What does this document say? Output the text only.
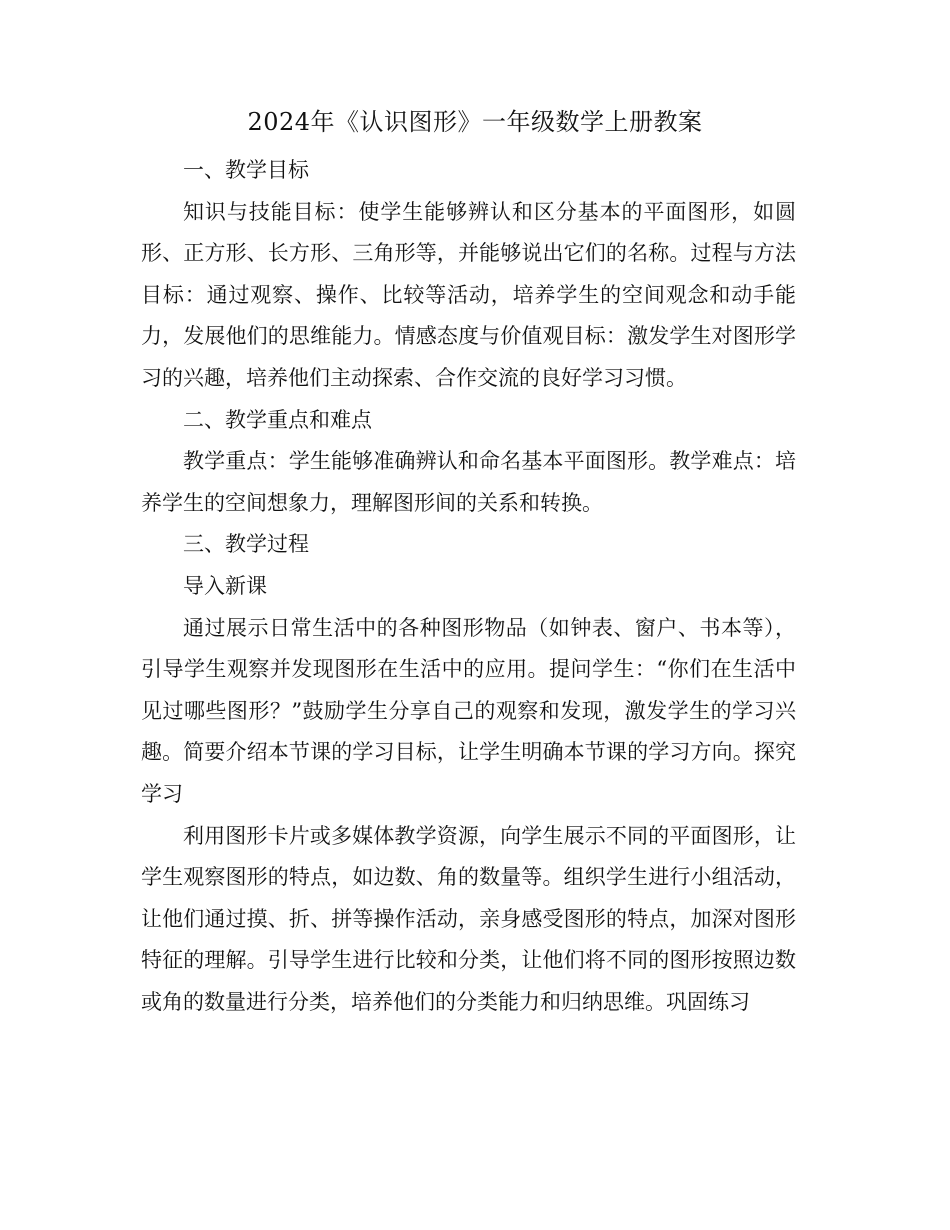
2024年《认识图形》一年级数学上册教案

一、教学目标

知识与技能目标：使学生能够辨认和区分基本的平面图形，如圆形、正方形、长方形、三角形等，并能够说出它们的名称。过程与方法目标：通过观察、操作、比较等活动，培养学生的空间观念和动手能力，发展他们的思维能力。情感态度与价值观目标：激发学生对图形学习的兴趣，培养他们主动探索、合作交流的良好学习习惯。

二、教学重点和难点

教学重点：学生能够准确辨认和命名基本平面图形。教学难点：培养学生的空间想象力，理解图形间的关系和转换。

三、教学过程

导入新课

通过展示日常生活中的各种图形物品（如钟表、窗户、书本等），引导学生观察并发现图形在生活中的应用。提问学生：“你们在生活中见过哪些图形？”鼓励学生分享自己的观察和发现，激发学生的学习兴趣。简要介绍本节课的学习目标，让学生明确本节课的学习方向。探究学习

利用图形卡片或多媒体教学资源，向学生展示不同的平面图形，让学生观察图形的特点，如边数、角的数量等。组织学生进行小组活动，让他们通过摸、折、拼等操作活动，亲身感受图形的特点，加深对图形特征的理解。引导学生进行比较和分类，让他们将不同的图形按照边数或角的数量进行分类，培养他们的分类能力和归纳思维。巩固练习
